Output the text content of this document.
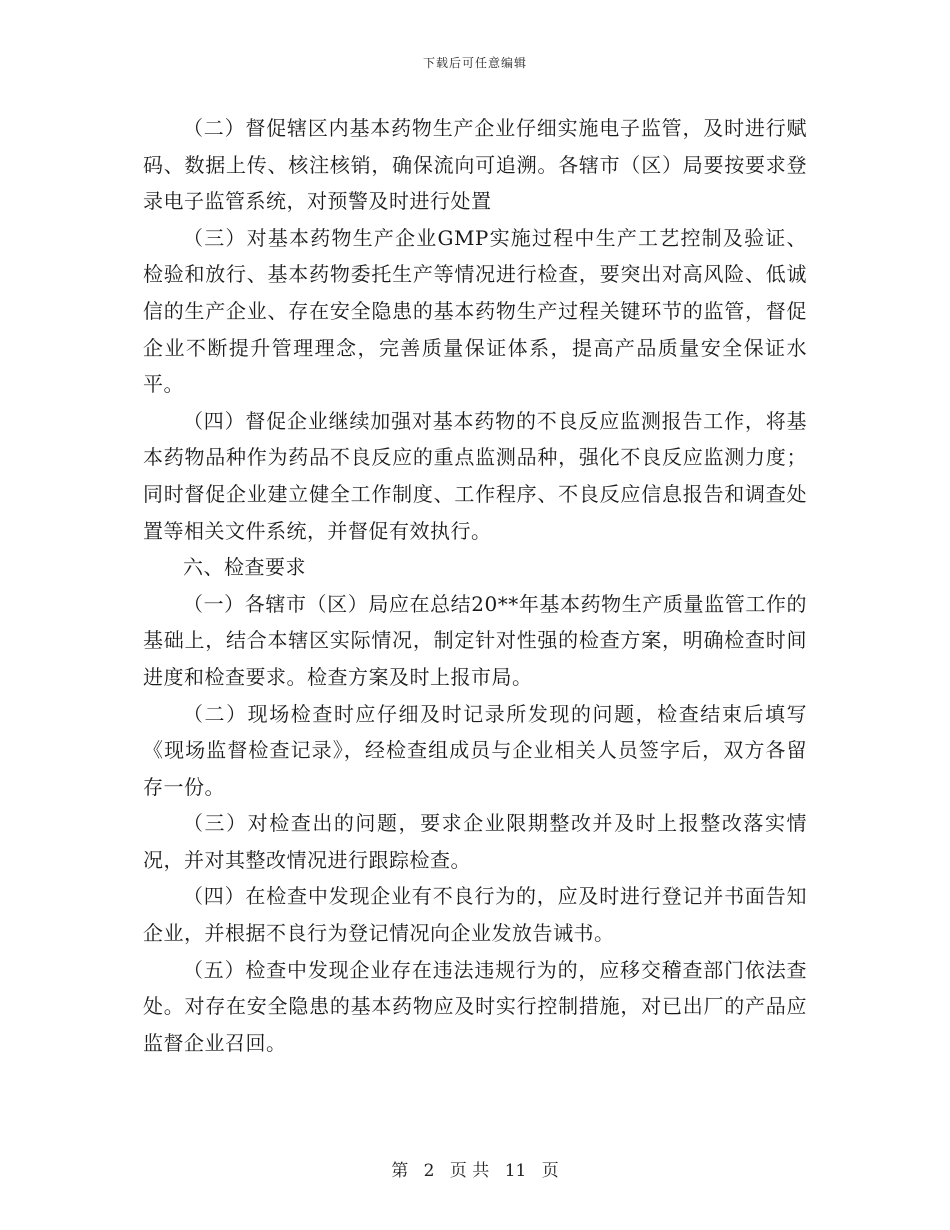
下载后可任意编辑

（二）督促辖区内基本药物生产企业仔细实施电子监管，及时进行赋码、数据上传、核注核销，确保流向可追溯。各辖市（区）局要按要求登录电子监管系统，对预警及时进行处置

（三）对基本药物生产企业GMP实施过程中生产工艺控制及验证、检验和放行、基本药物委托生产等情况进行检查，要突出对高风险、低诚信的生产企业、存在安全隐患的基本药物生产过程关键环节的监管，督促企业不断提升管理理念，完善质量保证体系，提高产品质量安全保证水平。

（四）督促企业继续加强对基本药物的不良反应监测报告工作，将基本药物品种作为药品不良反应的重点监测品种，强化不良反应监测力度；同时督促企业建立健全工作制度、工作程序、不良反应信息报告和调查处置等相关文件系统，并督促有效执行。

六、检查要求

（一）各辖市（区）局应在总结20**年基本药物生产质量监管工作的基础上，结合本辖区实际情况，制定针对性强的检查方案，明确检查时间进度和检查要求。检查方案及时上报市局。

（二）现场检查时应仔细及时记录所发现的问题，检查结束后填写《现场监督检查记录》，经检查组成员与企业相关人员签字后，双方各留存一份。

（三）对检查出的问题，要求企业限期整改并及时上报整改落实情况，并对其整改情况进行跟踪检查。

（四）在检查中发现企业有不良行为的，应及时进行登记并书面告知企业，并根据不良行为登记情况向企业发放告诫书。

（五）检查中发现企业存在违法违规行为的，应移交稽查部门依法查处。对存在安全隐患的基本药物应及时实行控制措施，对已出厂的产品应监督企业召回。

第 2 页 共 11 页
